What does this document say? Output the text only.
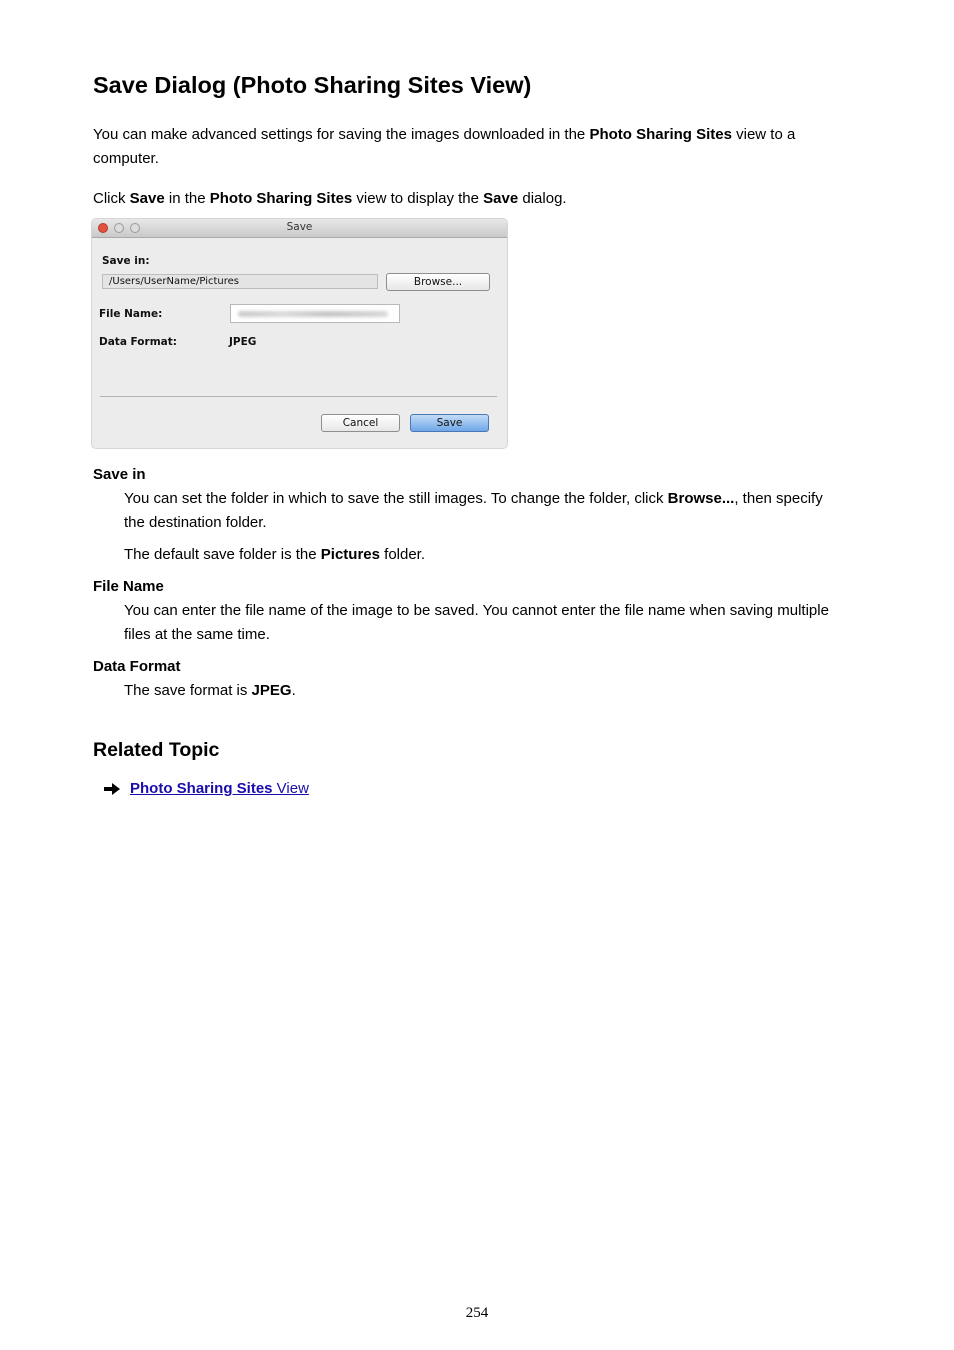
Save Dialog (Photo Sharing Sites View)

You can make advanced settings for saving the images downloaded in the Photo Sharing Sites view to a computer.

Click Save in the Photo Sharing Sites view to display the Save dialog.

Save
Save in:
/Users/UserName/Pictures	Browse...
File Name:
Data Format:	JPEG
Cancel	Save
Save in

You can set the folder in which to save the still images. To change the folder, click Browse..., then specify the destination folder.

The default save folder is the Pictures folder.

File Name

You can enter the file name of the image to be saved. You cannot enter the file name when saving multiple files at the same time.

Data Format

The save format is JPEG.

Related Topic
Photo Sharing Sites View
254
